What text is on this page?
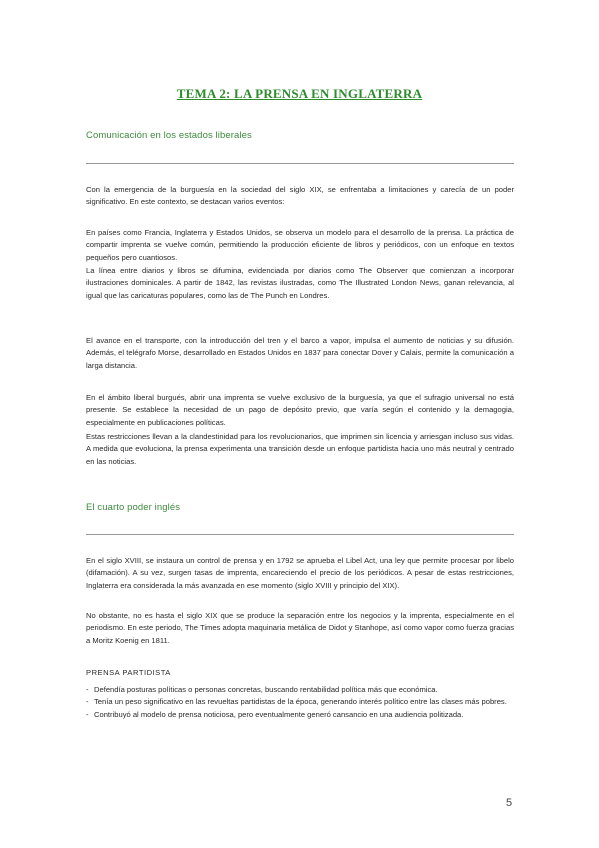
TEMA 2: LA PRENSA EN INGLATERRA
Comunicación en los estados liberales

Con la emergencia de la burguesía en la sociedad del siglo XIX, se enfrentaba a limitaciones y carecía de un poder significativo. En este contexto, se destacan varios eventos:

En países como Francia, Inglaterra y Estados Unidos, se observa un modelo para el desarrollo de la prensa. La práctica de compartir imprenta se vuelve común, permitiendo la producción eficiente de libros y periódicos, con un enfoque en textos pequeños pero cuantiosos.

La línea entre diarios y libros se difumina, evidenciada por diarios como The Observer que comienzan a incorporar ilustraciones dominicales. A partir de 1842, las revistas ilustradas, como The Illustrated London News, ganan relevancia, al igual que las caricaturas populares, como las de The Punch en Londres.

El avance en el transporte, con la introducción del tren y el barco a vapor, impulsa el aumento de noticias y su difusión. Además, el telégrafo Morse, desarrollado en Estados Unidos en 1837 para conectar Dover y Calais, permite la comunicación a larga distancia.

En el ámbito liberal burgués, abrir una imprenta se vuelve exclusivo de la burguesía, ya que el sufragio universal no está presente. Se establece la necesidad de un pago de depósito previo, que varía según el contenido y la demagogia, especialmente en publicaciones políticas.

Estas restricciones llevan a la clandestinidad para los revolucionarios, que imprimen sin licencia y arriesgan incluso sus vidas. A medida que evoluciona, la prensa experimenta una transición desde un enfoque partidista hacia uno más neutral y centrado en las noticias.

El cuarto poder inglés

En el siglo XVIII, se instaura un control de prensa y en 1792 se aprueba el Libel Act, una ley que permite procesar por libelo (difamación). A su vez, surgen tasas de imprenta, encareciendo el precio de los periódicos. A pesar de estas restricciones, Inglaterra era considerada la más avanzada en ese momento (siglo XVIII y principio del XIX).

No obstante, no es hasta el siglo XIX que se produce la separación entre los negocios y la imprenta, especialmente en el periodismo. En este periodo, The Times adopta maquinaria metálica de Didot y Stanhope, así como vapor como fuerza gracias a Moritz Koenig en 1811.

PRENSA PARTIDISTA
- Defendía posturas políticas o personas concretas, buscando rentabilidad política más que económica.
- Tenía un peso significativo en las revueltas partidistas de la época, generando interés político entre las clases más pobres.
- Contribuyó al modelo de prensa noticiosa, pero eventualmente generó cansancio en una audiencia politizada.
5
